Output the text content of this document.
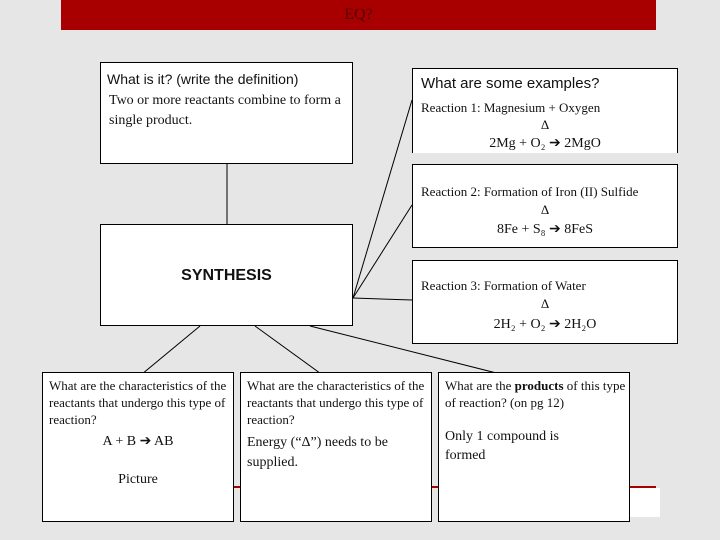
EQ?
What is it? (write the definition)
Two or more reactants combine to form a single product.
SYNTHESIS
What are some examples?
Reaction 1: Magnesium + Oxygen
Δ
2Mg + O₂ ➔ 2MgO
Reaction 2: Formation of Iron (II) Sulfide
Δ
8Fe + S₈ ➔ 8FeS
Reaction 3: Formation of Water
Δ
2H₂ + O₂ ➔ 2H₂O
What are the characteristics of the reactants that undergo this type of reaction?
A + B ➔ AB
Picture
What are the characteristics of the reactants that undergo this type of reaction?
Energy (“Δ”) needs to be supplied.
What are the products of this type of reaction? (on pg 12)
Only 1 compound is formed
